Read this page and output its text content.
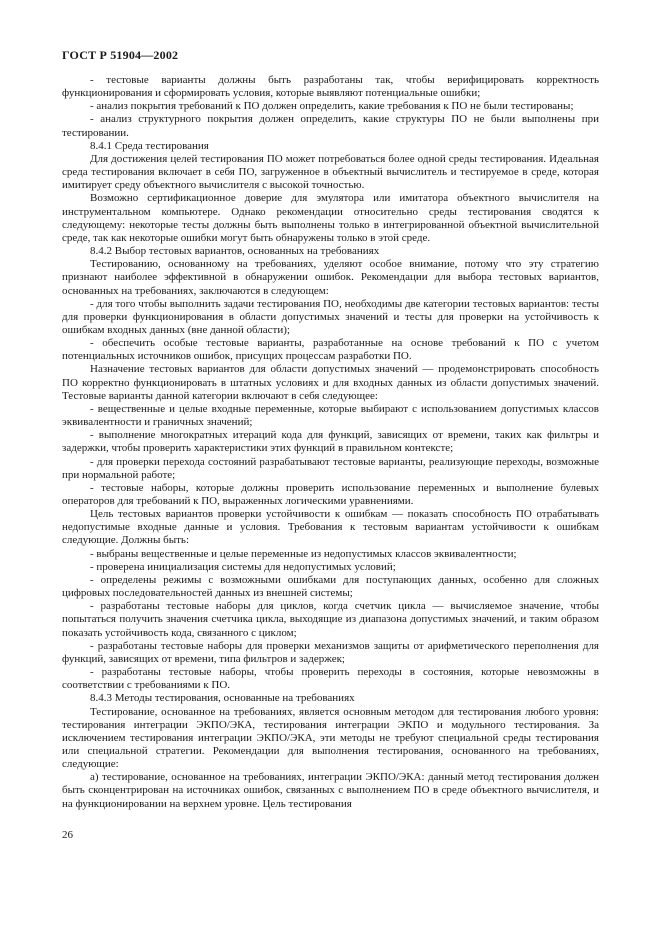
ГОСТ Р 51904—2002

- тестовые варианты должны быть разработаны так, чтобы верифицировать корректность функционирования и сформировать условия, которые выявляют потенциальные ошибки;

- анализ покрытия требований к ПО должен определить, какие требования к ПО не были тестированы;

- анализ структурного покрытия должен определить, какие структуры ПО не были выполнены при тестировании.

8.4.1 Среда тестирования

Для достижения целей тестирования ПО может потребоваться более одной среды тестирования. Идеальная среда тестирования включает в себя ПО, загруженное в объектный вычислитель и тестируемое в среде, которая имитирует среду объектного вычислителя с высокой точностью.

Возможно сертификационное доверие для эмулятора или имитатора объектного вычислителя на инструментальном компьютере. Однако рекомендации относительно среды тестирования сводятся к следующему: некоторые тесты должны быть выполнены только в интегрированной объектной вычислительной среде, так как некоторые ошибки могут быть обнаружены только в этой среде.

8.4.2 Выбор тестовых вариантов, основанных на требованиях

Тестированию, основанному на требованиях, уделяют особое внимание, потому что эту стратегию признают наиболее эффективной в обнаружении ошибок. Рекомендации для выбора тестовых вариантов, основанных на требованиях, заключаются в следующем:

- для того чтобы выполнить задачи тестирования ПО, необходимы две категории тестовых вариантов: тесты для проверки функционирования в области допустимых значений и тесты для проверки на устойчивость к ошибкам входных данных (вне данной области);

- обеспечить особые тестовые варианты, разработанные на основе требований к ПО с учетом потенциальных источников ошибок, присущих процессам разработки ПО.

Назначение тестовых вариантов для области допустимых значений — продемонстрировать способность ПО корректно функционировать в штатных условиях и для входных данных из области допустимых значений. Тестовые варианты данной категории включают в себя следующее:

- вещественные и целые входные переменные, которые выбирают с использованием допустимых классов эквивалентности и граничных значений;

- выполнение многократных итераций кода для функций, зависящих от времени, таких как фильтры и задержки, чтобы проверить характеристики этих функций в правильном контексте;

- для проверки перехода состояний разрабатывают тестовые варианты, реализующие переходы, возможные при нормальной работе;

- тестовые наборы, которые должны проверить использование переменных и выполнение булевых операторов для требований к ПО, выраженных логическими уравнениями.

Цель тестовых вариантов проверки устойчивости к ошибкам — показать способность ПО отрабатывать недопустимые входные данные и условия. Требования к тестовым вариантам устойчивости к ошибкам следующие. Должны быть:

- выбраны вещественные и целые переменные из недопустимых классов эквивалентности;

- проверена инициализация системы для недопустимых условий;

- определены режимы с возможными ошибками для поступающих данных, особенно для сложных цифровых последовательностей данных из внешней системы;

- разработаны тестовые наборы для циклов, когда счетчик цикла — вычисляемое значение, чтобы попытаться получить значения счетчика цикла, выходящие из диапазона допустимых значений, и таким образом показать устойчивость кода, связанного с циклом;

- разработаны тестовые наборы для проверки механизмов защиты от арифметического переполнения для функций, зависящих от времени, типа фильтров и задержек;

- разработаны тестовые наборы, чтобы проверить переходы в состояния, которые невозможны в соответствии с требованиями к ПО.

8.4.3 Методы тестирования, основанные на требованиях

Тестирование, основанное на требованиях, является основным методом для тестирования любого уровня: тестирования интеграции ЭКПО/ЭКА, тестирования интеграции ЭКПО и модульного тестирования. За исключением тестирования интеграции ЭКПО/ЭКА, эти методы не требуют специальной среды тестирования или специальной стратегии. Рекомендации для выполнения тестирования, основанного на требованиях, следующие:

а) тестирование, основанное на требованиях, интеграции ЭКПО/ЭКА: данный метод тестирования должен быть сконцентрирован на источниках ошибок, связанных с выполнением ПО в среде объектного вычислителя, и на функционировании на верхнем уровне. Цель тестирования

26
